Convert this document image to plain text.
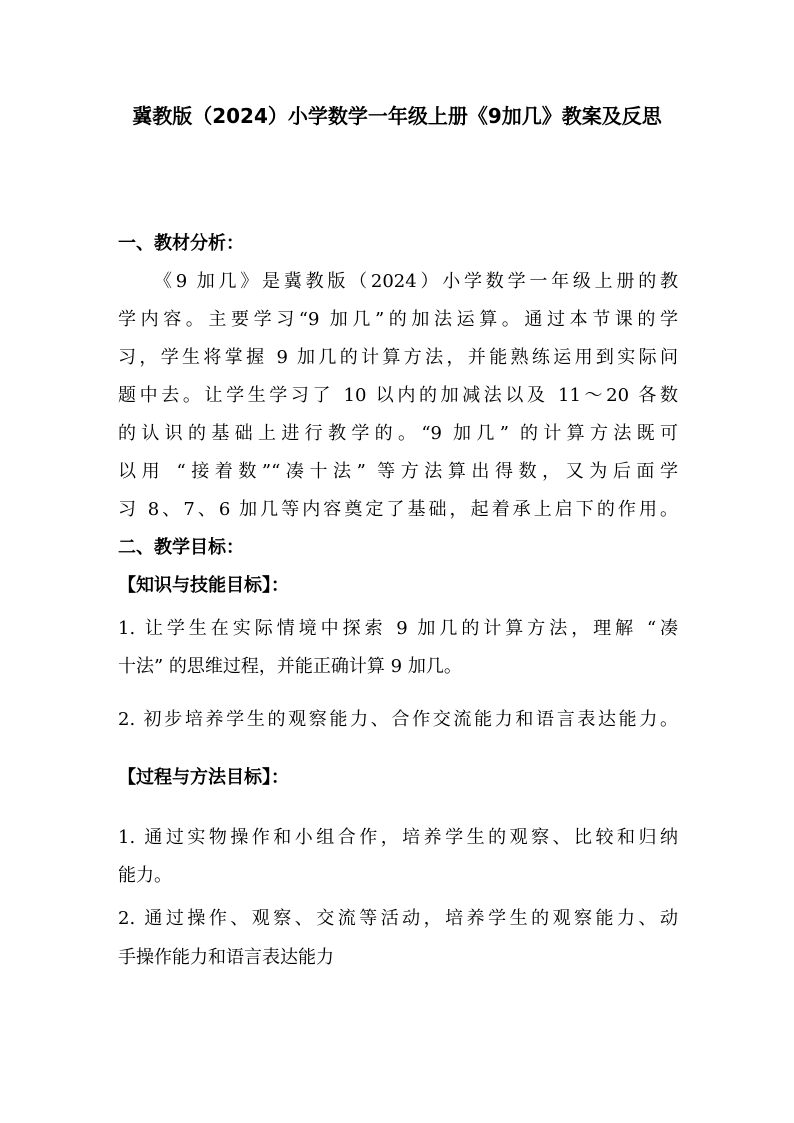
冀教版（2024）小学数学一年级上册《9加几》教案及反思
一、教材分析：
《9 加几》是冀教版（2024）小学数学一年级上册的教
学内容。主要学习“9 加几”的加法运算。通过本节课的学
习，学生将掌握 9 加几的计算方法，并能熟练运用到实际问
题中去。让学生学习了 10 以内的加减法以及 11～20 各数
的认识的基础上进行教学的。“9 加几” 的计算方法既可
以用 “接着数”“凑十法” 等方法算出得数，又为后面学
习 8、7、6 加几等内容奠定了基础，起着承上启下的作用。
二、教学目标：
【知识与技能目标】：
1. 让学生在实际情境中探索 9 加几的计算方法，理解 “凑
十法” 的思维过程，并能正确计算 9 加几。
2. 初步培养学生的观察能力、合作交流能力和语言表达能力。
【过程与方法目标】：
1. 通过实物操作和小组合作，培养学生的观察、比较和归纳
能力。
2. 通过操作、观察、交流等活动，培养学生的观察能力、动
手操作能力和语言表达能力
